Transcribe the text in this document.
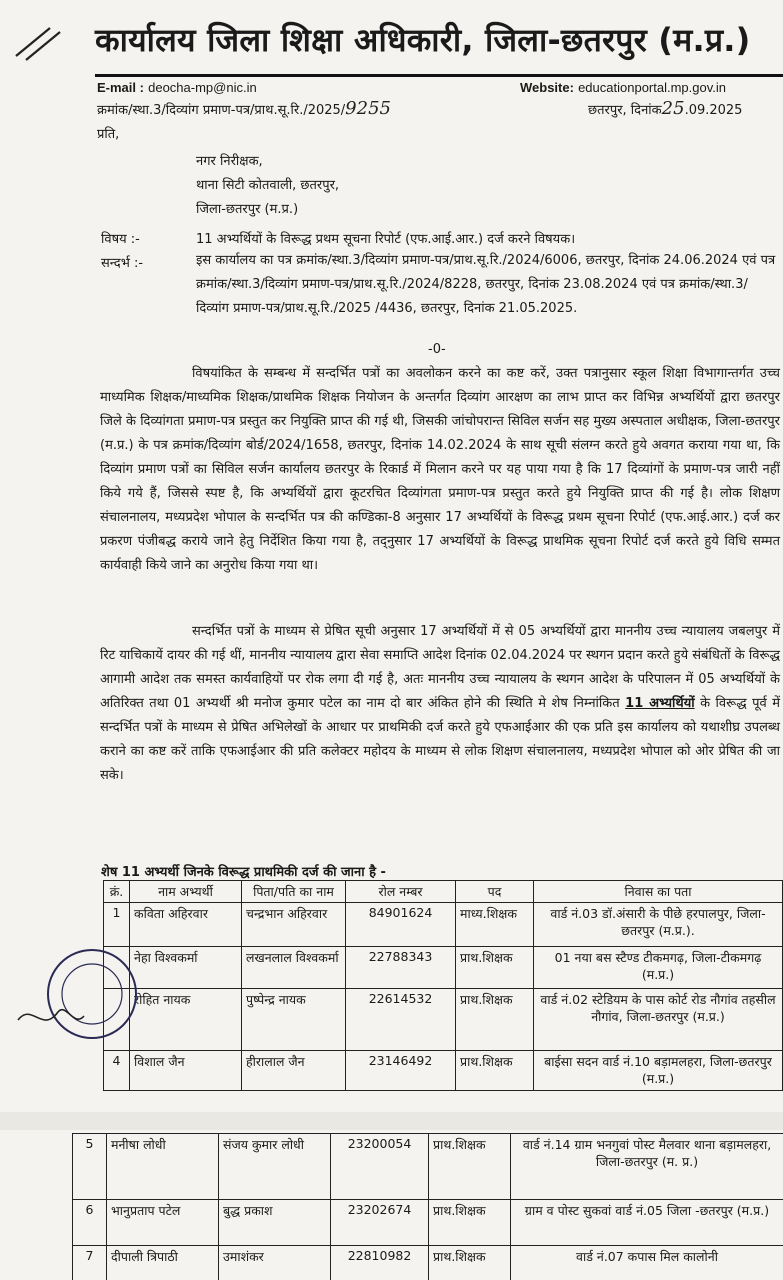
कार्यालय जिला शिक्षा अधिकारी, जिला-छतरपुर (म.प्र.)
E-mail : deocha-mp@nic.in	Website: educationportal.mp.gov.in
क्रमांक/स्था.3/दिव्यांग प्रमाण-पत्र/प्राथ.सू.रि./2025/9255	छतरपुर, दिनांक25.09.2025
प्रति,
नगर निरीक्षक,
थाना सिटी कोतवाली, छतरपुर,
जिला-छतरपुर (म.प्र.)
विषय :-	11 अभ्यर्थियों के विरूद्ध प्रथम सूचना रिपोर्ट (एफ.आई.आर.) दर्ज करने विषयक।
सन्दर्भ :-	इस कार्यालय का पत्र क्रमांक/स्था.3/दिव्यांग प्रमाण-पत्र/प्राथ.सू.रि./2024/6006, छतरपुर, दिनांक 24.06.2024 एवं पत्र क्रमांक/स्था.3/दिव्यांग प्रमाण-पत्र/प्राथ.सू.रि./2024/8228, छतरपुर, दिनांक 23.08.2024 एवं पत्र क्रमांक/स्था.3/दिव्यांग प्रमाण-पत्र/प्राथ.सू.रि./2025 /4436, छतरपुर, दिनांक 21.05.2025.
-0-
विषयांकित के सम्बन्ध में सन्दर्भित पत्रों का अवलोकन करने का कष्ट करें, उक्त पत्रानुसार स्कूल शिक्षा विभागान्तर्गत उच्च माध्यमिक शिक्षक/माध्यमिक शिक्षक/प्राथमिक शिक्षक नियोजन के अन्तर्गत दिव्यांग आरक्षण का लाभ प्राप्त कर विभिन्न अभ्यर्थियों द्वारा छतरपुर जिले के दिव्यांगता प्रमाण-पत्र प्रस्तुत कर नियुक्ति प्राप्त की गई थी, जिसकी जांचोपरान्त सिविल सर्जन सह मुख्य अस्पताल अधीक्षक, जिला-छतरपुर (म.प्र.) के पत्र क्रमांक/दिव्यांग बोर्ड/2024/1658, छतरपुर, दिनांक 14.02.2024 के साथ सूची संलग्न करते हुये अवगत कराया गया था, कि दिव्यांग प्रमाण पत्रों का सिविल सर्जन कार्यालय छतरपुर के रिकार्ड में मिलान करने पर यह पाया गया है कि 17 दिव्यांगों के प्रमाण-पत्र जारी नहीं किये गये हैं, जिससे स्पष्ट है, कि अभ्यर्थियों द्वारा कूटरचित दिव्यांगता प्रमाण-पत्र प्रस्तुत करते हुये नियुक्ति प्राप्त की गई है। लोक शिक्षण संचालनालय, मध्यप्रदेश भोपाल के सन्दर्भित पत्र की कण्डिका-8 अनुसार 17 अभ्यर्थियों के विरूद्ध प्रथम सूचना रिपोर्ट (एफ.आई.आर.) दर्ज कर प्रकरण पंजीबद्ध कराये जाने हेतु निर्देशित किया गया है, तद्नुसार 17 अभ्यर्थियों के विरूद्ध प्राथमिक सूचना रिपोर्ट दर्ज करते हुये विधि सम्मत कार्यवाही किये जाने का अनुरोध किया गया था।
सन्दर्भित पत्रों के माध्यम से प्रेषित सूची अनुसार 17 अभ्यर्थियों में से 05 अभ्यर्थियों द्वारा माननीय उच्च न्यायालय जबलपुर में रिट याचिकायें दायर की गई थीं, माननीय न्यायालय द्वारा सेवा समाप्ति आदेश दिनांक 02.04.2024 पर स्थगन प्रदान करते हुये संबंधितों के विरूद्ध आगामी आदेश तक समस्त कार्यवाहियों पर रोक लगा दी गई है, अतः माननीय उच्च न्यायालय के स्थगन आदेश के परिपालन में 05 अभ्यर्थियों के अतिरिक्त तथा 01 अभ्यर्थी श्री मनोज कुमार पटेल का नाम दो बार अंकित होने की स्थिति मे शेष निम्नांकित 11 अभ्यर्थियों के विरूद्ध पूर्व में सन्दर्भित पत्रों के माध्यम से प्रेषित अभिलेखों के आधार पर प्राथमिकी दर्ज करते हुये एफआईआर की एक प्रति इस कार्यालय को यथाशीघ्र उपलब्ध कराने का कष्ट करें ताकि एफआईआर की प्रति कलेक्टर महोदय के माध्यम से लोक शिक्षण संचालनालय, मध्यप्रदेश भोपाल को ओर प्रेषित की जा सके।
शेष 11 अभ्यर्थी जिनके विरूद्ध प्राथमिकी दर्ज की जाना है -
क्रं.	नाम अभ्यर्थी	पिता/पति का नाम	रोल नम्बर	पद	निवास का पता
1	कविता अहिरवार	चन्द्रभान अहिरवार	84901624	माध्य.शिक्षक	वार्ड नं.03 डॉ.अंसारी के पीछे हरपालपुर, जिला-छतरपुर (म.प्र.).
	नेहा विश्वकर्मा	लखनलाल विश्वकर्मा	22788343	प्राथ.शिक्षक	01 नया बस स्टैण्ड टीकमगढ़, जिला-टीकमगढ़ (म.प्र.)
	रोहित नायक	पुष्पेन्द्र नायक	22614532	प्राथ.शिक्षक	वार्ड नं.02 स्टेडियम के पास कोर्ट रोड नौगांव तहसील नौगांव, जिला-छतरपुर (म.प्र.)
4	विशाल जैन	हीरालाल जैन	23146492	प्राथ.शिक्षक	बाईसा सदन वार्ड नं.10 बड़ामलहरा, जिला-छतरपुर (म.प्र.)
5	मनीषा लोधी	संजय कुमार लोधी	23200054	प्राथ.शिक्षक	वार्ड नं.14 ग्राम भनगुवां पोस्ट मैलवार थाना बड़ामलहरा, जिला-छतरपुर (म. प्र.)
6	भानुप्रताप पटेल	बुद्ध प्रकाश	23202674	प्राथ.शिक्षक	ग्राम व पोस्ट सुकवां वार्ड नं.05 जिला -छतरपुर (म.प्र.)
7	दीपाली त्रिपाठी	उमाशंकर	22810982	प्राथ.शिक्षक	वार्ड नं.07 कपास मिल कालोनी
